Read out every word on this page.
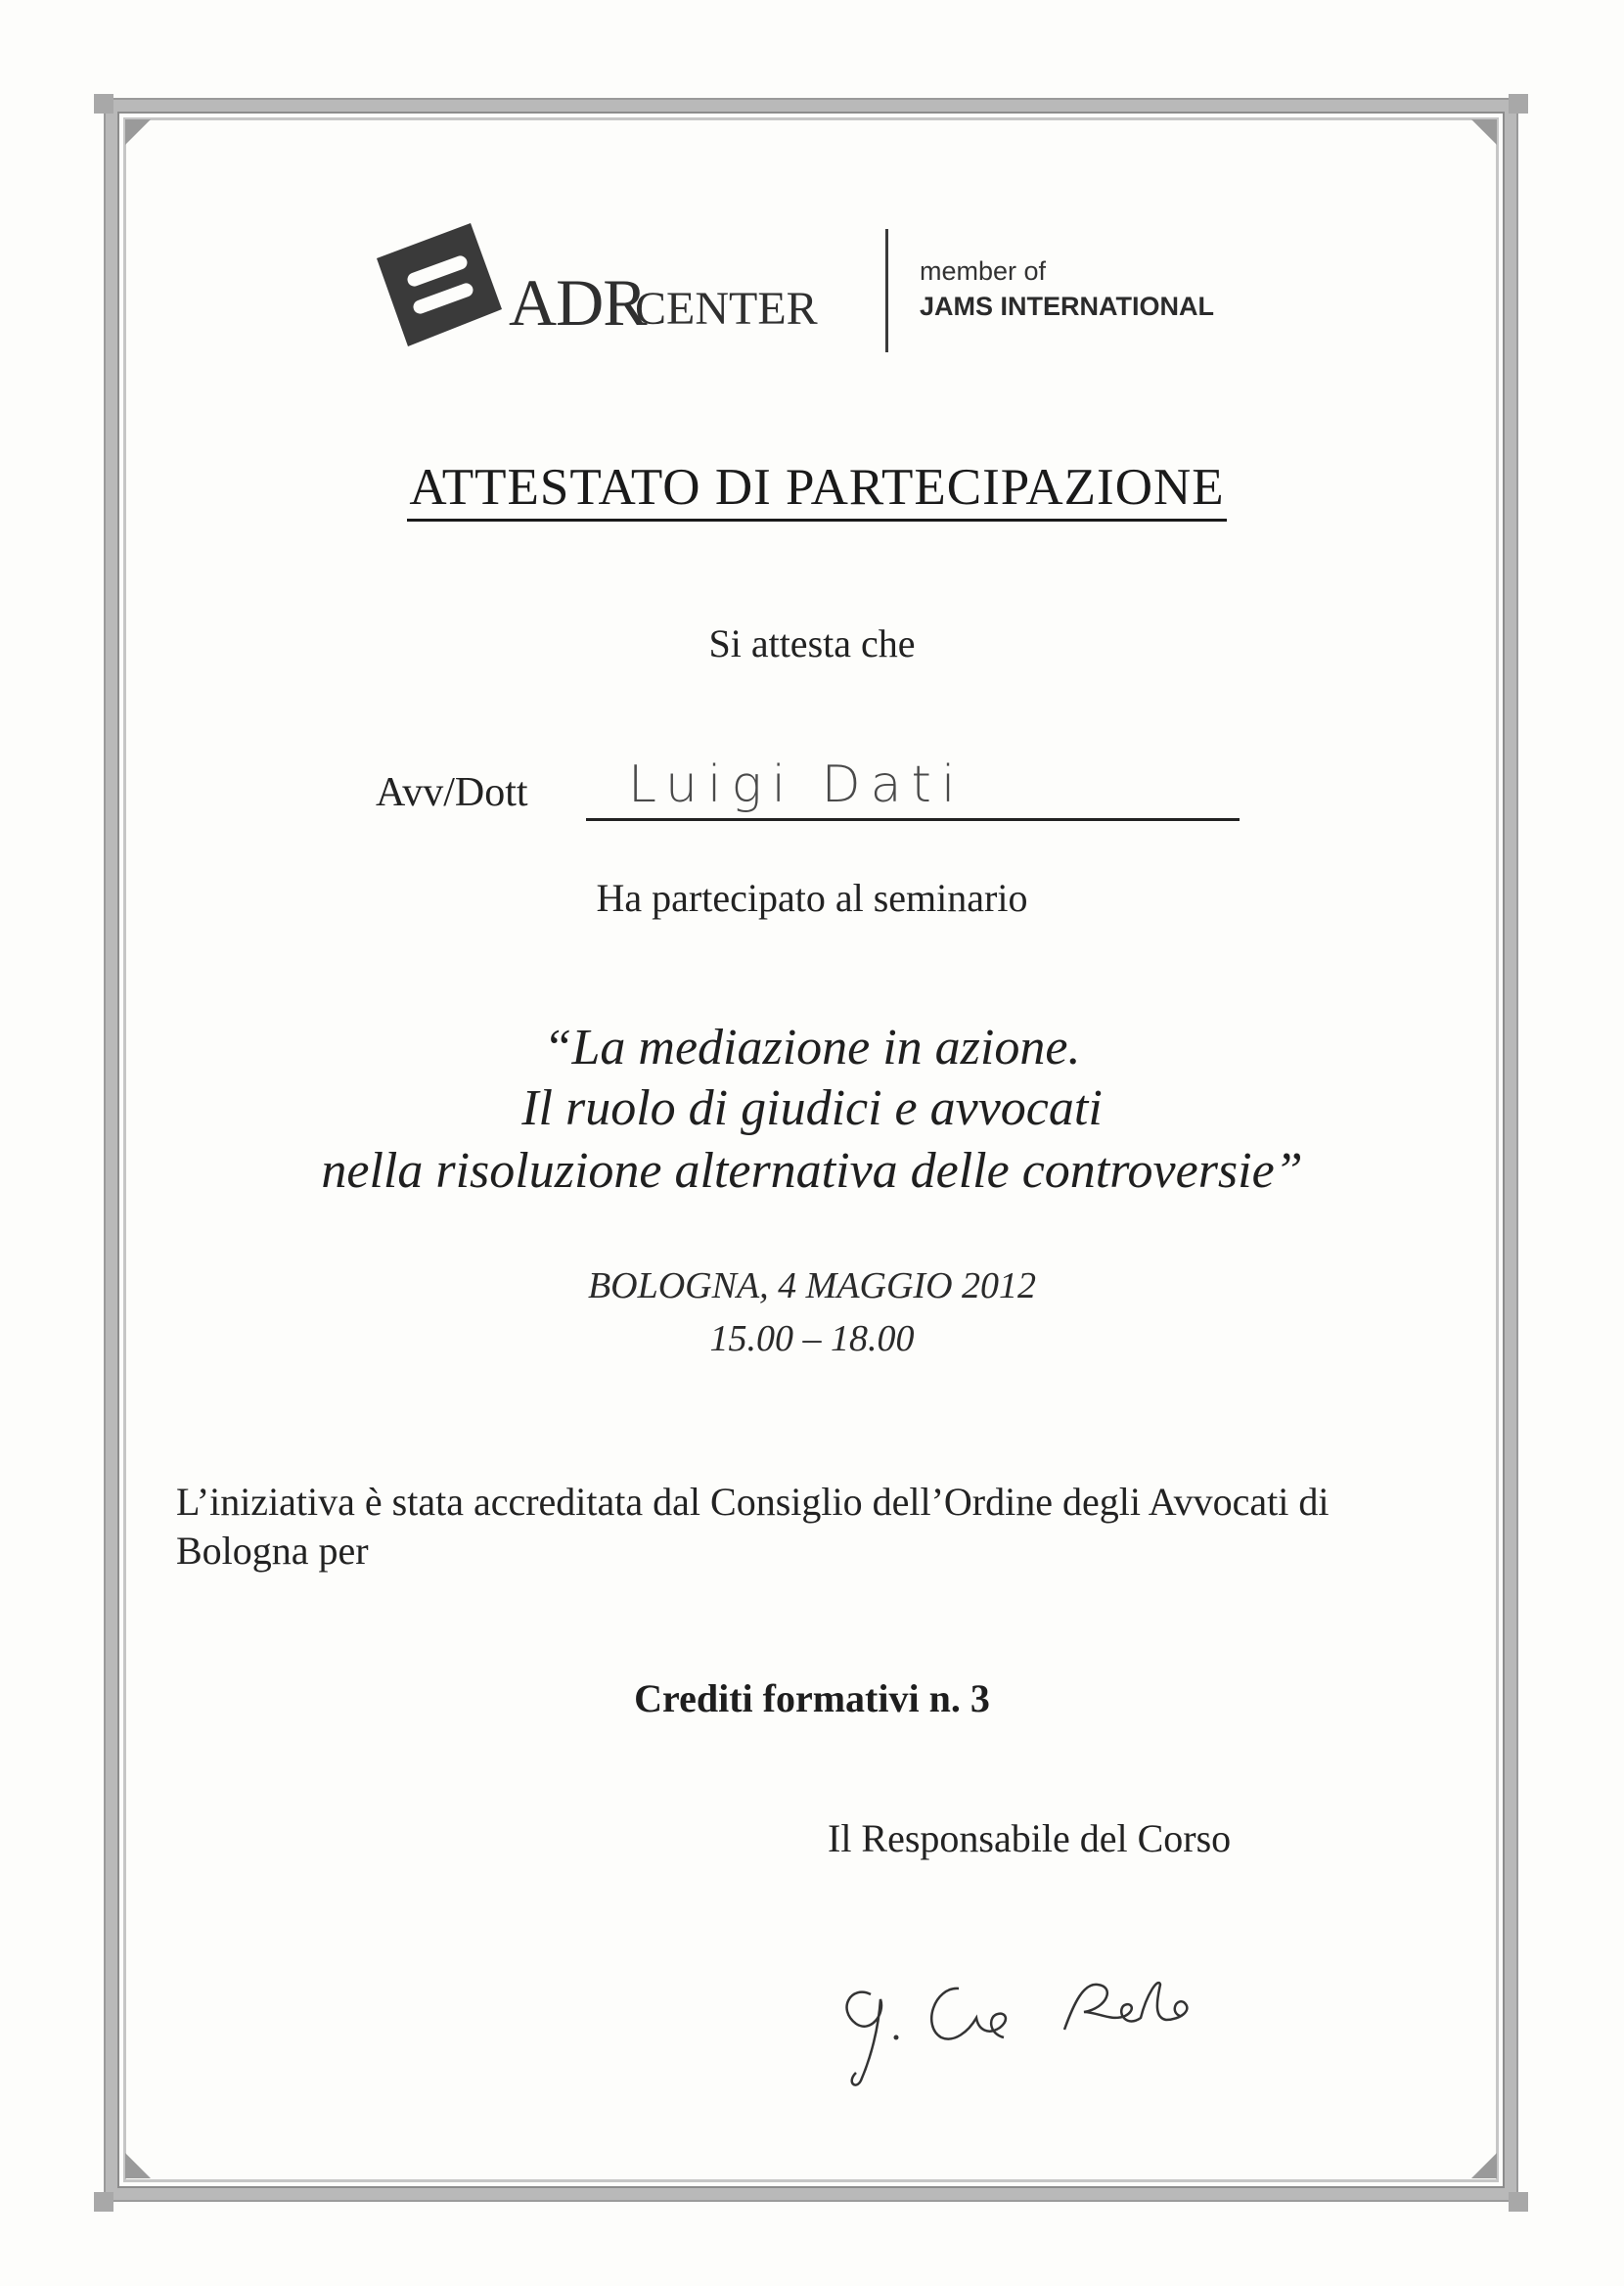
ADR
CENTER
member of
JAMS INTERNATIONAL
ATTESTATO DI PARTECIPAZIONE
Si attesta che
Avv/Dott Luigi Dati
Ha partecipato al seminario
“La mediazione in azione.
Il ruolo di giudici e avvocati
nella risoluzione alternativa delle controversie”
BOLOGNA, 4 MAGGIO 2012
15.00 – 18.00
L’iniziativa è stata accreditata dal Consiglio dell’Ordine degli Avvocati di Bologna per
Crediti formativi n. 3
Il Responsabile del Corso
